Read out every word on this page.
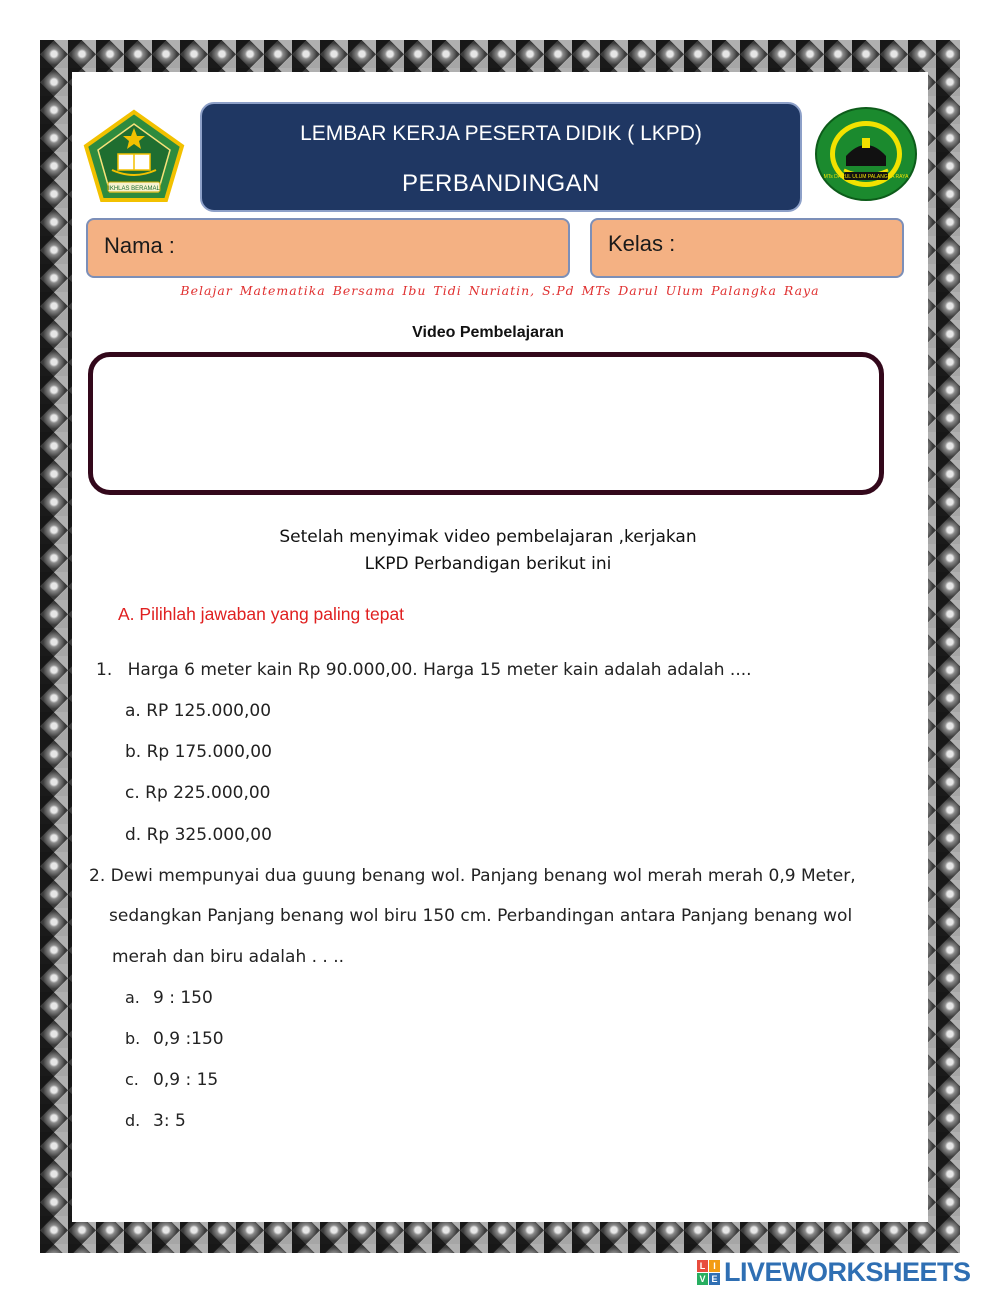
IKHLAS BERAMAL
LEMBAR KERJA PESERTA DIDIK ( LKPD)
PERBANDINGAN	MTs DARUL ULUM PALANGKA RAYA
Nama :	Kelas :
Belajar Matematika Bersama Ibu Tidi Nuriatin, S.Pd MTs Darul Ulum Palangka Raya
Video Pembelajaran
Setelah menyimak video pembelajaran ,kerjakan
LKPD Perbandigan berikut ini
A. Pilihlah jawaban yang paling tepat
1. Harga 6 meter kain Rp 90.000,00. Harga 15 meter kain adalah adalah ....
a. RP 125.000,00
b. Rp 175.000,00
c. Rp 225.000,00
d. Rp 325.000,00
2. Dewi mempunyai dua guung benang wol. Panjang benang wol merah merah 0,9 Meter,
sedangkan Panjang benang wol biru 150 cm. Perbandingan antara Panjang benang wol
merah dan biru adalah . . ..
a. 9 : 150
b. 0,9 :150
c. 0,9 : 15
d. 3: 5
L I
V E LIVEWORKSHEETS
